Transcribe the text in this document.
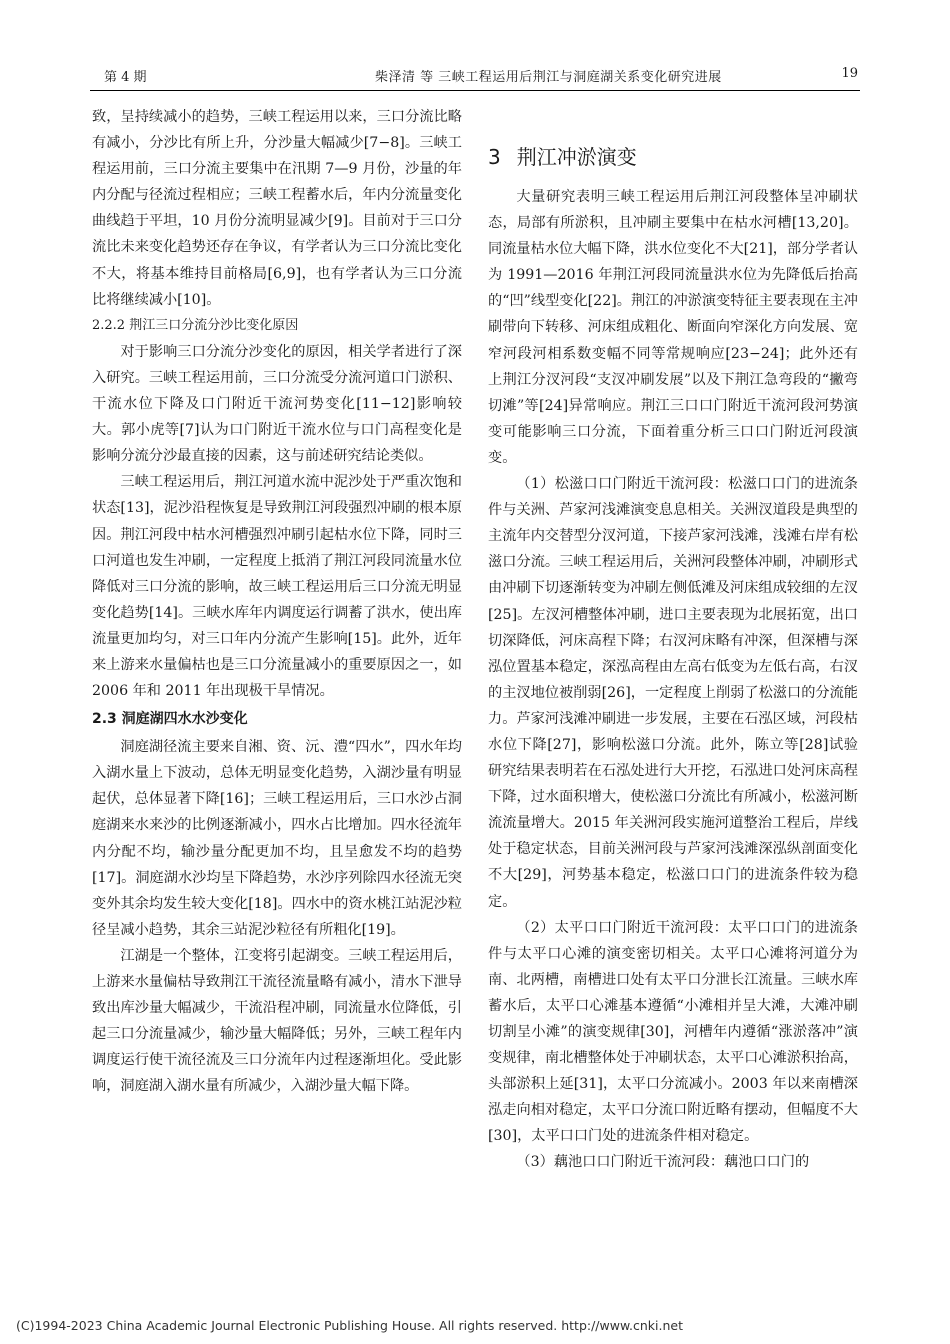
第 4 期	柴泽清 等 三峡工程运用后荆江与洞庭湖关系变化研究进展	19

致，呈持续减小的趋势，三峡工程运用以来，三口分流比略有减小，分沙比有所上升，分沙量大幅减少[7−8]。三峡工程运用前，三口分流主要集中在汛期 7—9 月份，沙量的年内分配与径流过程相应；三峡工程蓄水后，年内分流量变化曲线趋于平坦，10 月份分流明显减少[9]。目前对于三口分流比未来变化趋势还存在争议，有学者认为三口分流比变化不大，将基本维持目前格局[6,9]，也有学者认为三口分流比将继续减小[10]。

2.2.2 荆江三口分流分沙比变化原因

对于影响三口分流分沙变化的原因，相关学者进行了深入研究。三峡工程运用前，三口分流受分流河道口门淤积、干流水位下降及口门附近干流河势变化[11−12]影响较大。郭小虎等[7]认为口门附近干流水位与口门高程变化是影响分流分沙最直接的因素，这与前述研究结论类似。

三峡工程运用后，荆江河道水流中泥沙处于严重次饱和状态[13]，泥沙沿程恢复是导致荆江河段强烈冲刷的根本原因。荆江河段中枯水河槽强烈冲刷引起枯水位下降，同时三口河道也发生冲刷，一定程度上抵消了荆江河段同流量水位降低对三口分流的影响，故三峡工程运用后三口分流无明显变化趋势[14]。三峡水库年内调度运行调蓄了洪水，使出库流量更加均匀，对三口年内分流产生影响[15]。此外，近年来上游来水量偏枯也是三口分流量减小的重要原因之一，如 2006 年和 2011 年出现极干旱情况。

2.3 洞庭湖四水水沙变化

洞庭湖径流主要来自湘、资、沅、澧“四水”，四水年均入湖水量上下波动，总体无明显变化趋势，入湖沙量有明显起伏，总体显著下降[16]；三峡工程运用后，三口水沙占洞庭湖来水来沙的比例逐渐减小，四水占比增加。四水径流年内分配不均，输沙量分配更加不均，且呈愈发不均的趋势[17]。洞庭湖水沙均呈下降趋势，水沙序列除四水径流无突变外其余均发生较大变化[18]。四水中的资水桃江站泥沙粒径呈减小趋势，其余三站泥沙粒径有所粗化[19]。

江湖是一个整体，江变将引起湖变。三峡工程运用后，上游来水量偏枯导致荆江干流径流量略有减小，清水下泄导致出库沙量大幅减少，干流沿程冲刷，同流量水位降低，引起三口分流量减少，输沙量大幅降低；另外，三峡工程年内调度运行使干流径流及三口分流年内过程逐渐坦化。受此影响，洞庭湖入湖水量有所减少，入湖沙量大幅下降。

3 荆江冲淤演变

大量研究表明三峡工程运用后荆江河段整体呈冲刷状态，局部有所淤积，且冲刷主要集中在枯水河槽[13,20]。同流量枯水位大幅下降，洪水位变化不大[21]，部分学者认为 1991—2016 年荆江河段同流量洪水位为先降低后抬高的“凹”线型变化[22]。荆江的冲淤演变特征主要表现在主冲刷带向下转移、河床组成粗化、断面向窄深化方向发展、宽窄河段河相系数变幅不同等常规响应[23−24]；此外还有上荆江分汊河段“支汊冲刷发展”以及下荆江急弯段的“撇弯切滩”等[24]异常响应。荆江三口口门附近干流河段河势演变可能影响三口分流，下面着重分析三口口门附近河段演变。

（1）松滋口口门附近干流河段：松滋口口门的进流条件与关洲、芦家河浅滩演变息息相关。关洲汊道段是典型的主流年内交替型分汊河道，下接芦家河浅滩，浅滩右岸有松滋口分流。三峡工程运用后，关洲河段整体冲刷，冲刷形式由冲刷下切逐渐转变为冲刷左侧低滩及河床组成较细的左汊[25]。左汊河槽整体冲刷，进口主要表现为北展拓宽，出口切深降低，河床高程下降；右汊河床略有冲深，但深槽与深泓位置基本稳定，深泓高程由左高右低变为左低右高，右汊的主汊地位被削弱[26]，一定程度上削弱了松滋口的分流能力。芦家河浅滩冲刷进一步发展，主要在石泓区域，河段枯水位下降[27]，影响松滋口分流。此外，陈立等[28]试验研究结果表明若在石泓处进行大开挖，石泓进口处河床高程下降，过水面积增大，使松滋口分流比有所减小，松滋河断流流量增大。2015 年关洲河段实施河道整治工程后，岸线处于稳定状态，目前关洲河段与芦家河浅滩深泓纵剖面变化不大[29]，河势基本稳定，松滋口口门的进流条件较为稳定。

（2）太平口口门附近干流河段：太平口口门的进流条件与太平口心滩的演变密切相关。太平口心滩将河道分为南、北两槽，南槽进口处有太平口分泄长江流量。三峡水库蓄水后，太平口心滩基本遵循“小滩相并呈大滩，大滩冲刷切割呈小滩”的演变规律[30]，河槽年内遵循“涨淤落冲”演变规律，南北槽整体处于冲刷状态，太平口心滩淤积抬高，头部淤积上延[31]，太平口分流减小。2003 年以来南槽深泓走向相对稳定，太平口分流口附近略有摆动，但幅度不大[30]，太平口口门处的进流条件相对稳定。

（3）藕池口口门附近干流河段：藕池口口门的

(C)1994-2023 China Academic Journal Electronic Publishing House. All rights reserved. http://www.cnki.net
